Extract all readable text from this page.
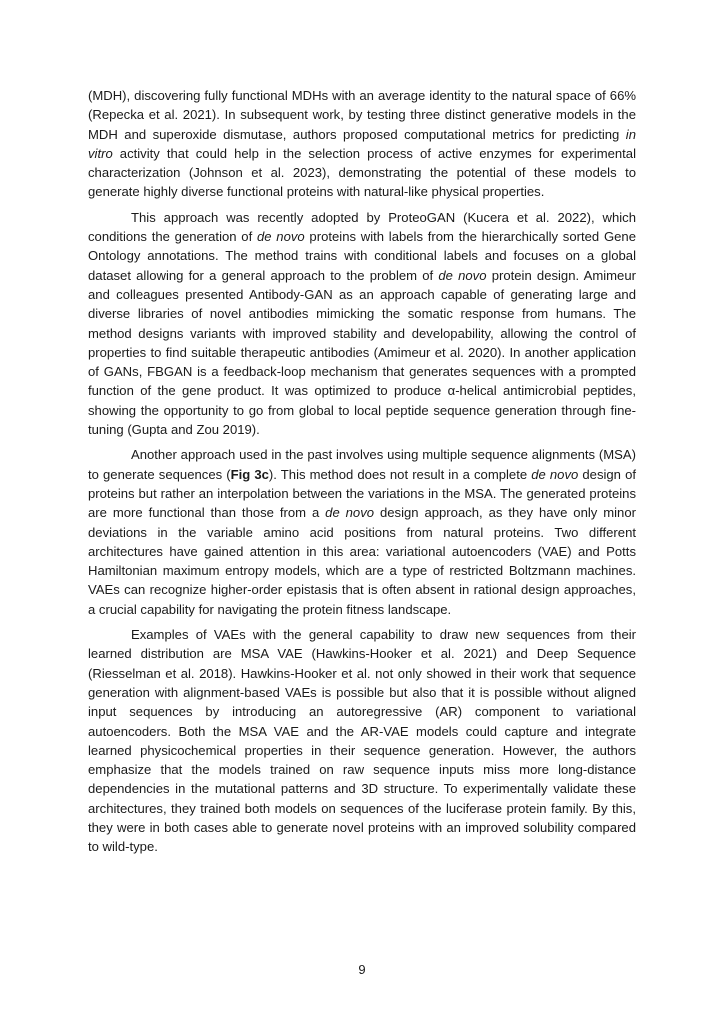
(MDH), discovering fully functional MDHs with an average identity to the natural space of 66% (Repecka et al. 2021). In subsequent work, by testing three distinct generative models in the MDH and superoxide dismutase, authors proposed computational metrics for predicting in vitro activity that could help in the selection process of active enzymes for experimental characterization (Johnson et al. 2023), demonstrating the potential of these models to generate highly diverse functional proteins with natural-like physical properties.

This approach was recently adopted by ProteoGAN (Kucera et al. 2022), which conditions the generation of de novo proteins with labels from the hierarchically sorted Gene Ontology annotations. The method trains with conditional labels and focuses on a global dataset allowing for a general approach to the problem of de novo protein design. Amimeur and colleagues presented Antibody-GAN as an approach capable of generating large and diverse libraries of novel antibodies mimicking the somatic response from humans. The method designs variants with improved stability and developability, allowing the control of properties to find suitable therapeutic antibodies (Amimeur et al. 2020). In another application of GANs, FBGAN is a feedback-loop mechanism that generates sequences with a prompted function of the gene product. It was optimized to produce α-helical antimicrobial peptides, showing the opportunity to go from global to local peptide sequence generation through fine-tuning (Gupta and Zou 2019).

Another approach used in the past involves using multiple sequence alignments (MSA) to generate sequences (Fig 3c). This method does not result in a complete de novo design of proteins but rather an interpolation between the variations in the MSA. The generated proteins are more functional than those from a de novo design approach, as they have only minor deviations in the variable amino acid positions from natural proteins. Two different architectures have gained attention in this area: variational autoencoders (VAE) and Potts Hamiltonian maximum entropy models, which are a type of restricted Boltzmann machines. VAEs can recognize higher-order epistasis that is often absent in rational design approaches, a crucial capability for navigating the protein fitness landscape.

Examples of VAEs with the general capability to draw new sequences from their learned distribution are MSA VAE (Hawkins-Hooker et al. 2021) and Deep Sequence (Riesselman et al. 2018). Hawkins-Hooker et al. not only showed in their work that sequence generation with alignment-based VAEs is possible but also that it is possible without aligned input sequences by introducing an autoregressive (AR) component to variational autoencoders. Both the MSA VAE and the AR-VAE models could capture and integrate learned physicochemical properties in their sequence generation. However, the authors emphasize that the models trained on raw sequence inputs miss more long-distance dependencies in the mutational patterns and 3D structure. To experimentally validate these architectures, they trained both models on sequences of the luciferase protein family. By this, they were in both cases able to generate novel proteins with an improved solubility compared to wild-type.

9
